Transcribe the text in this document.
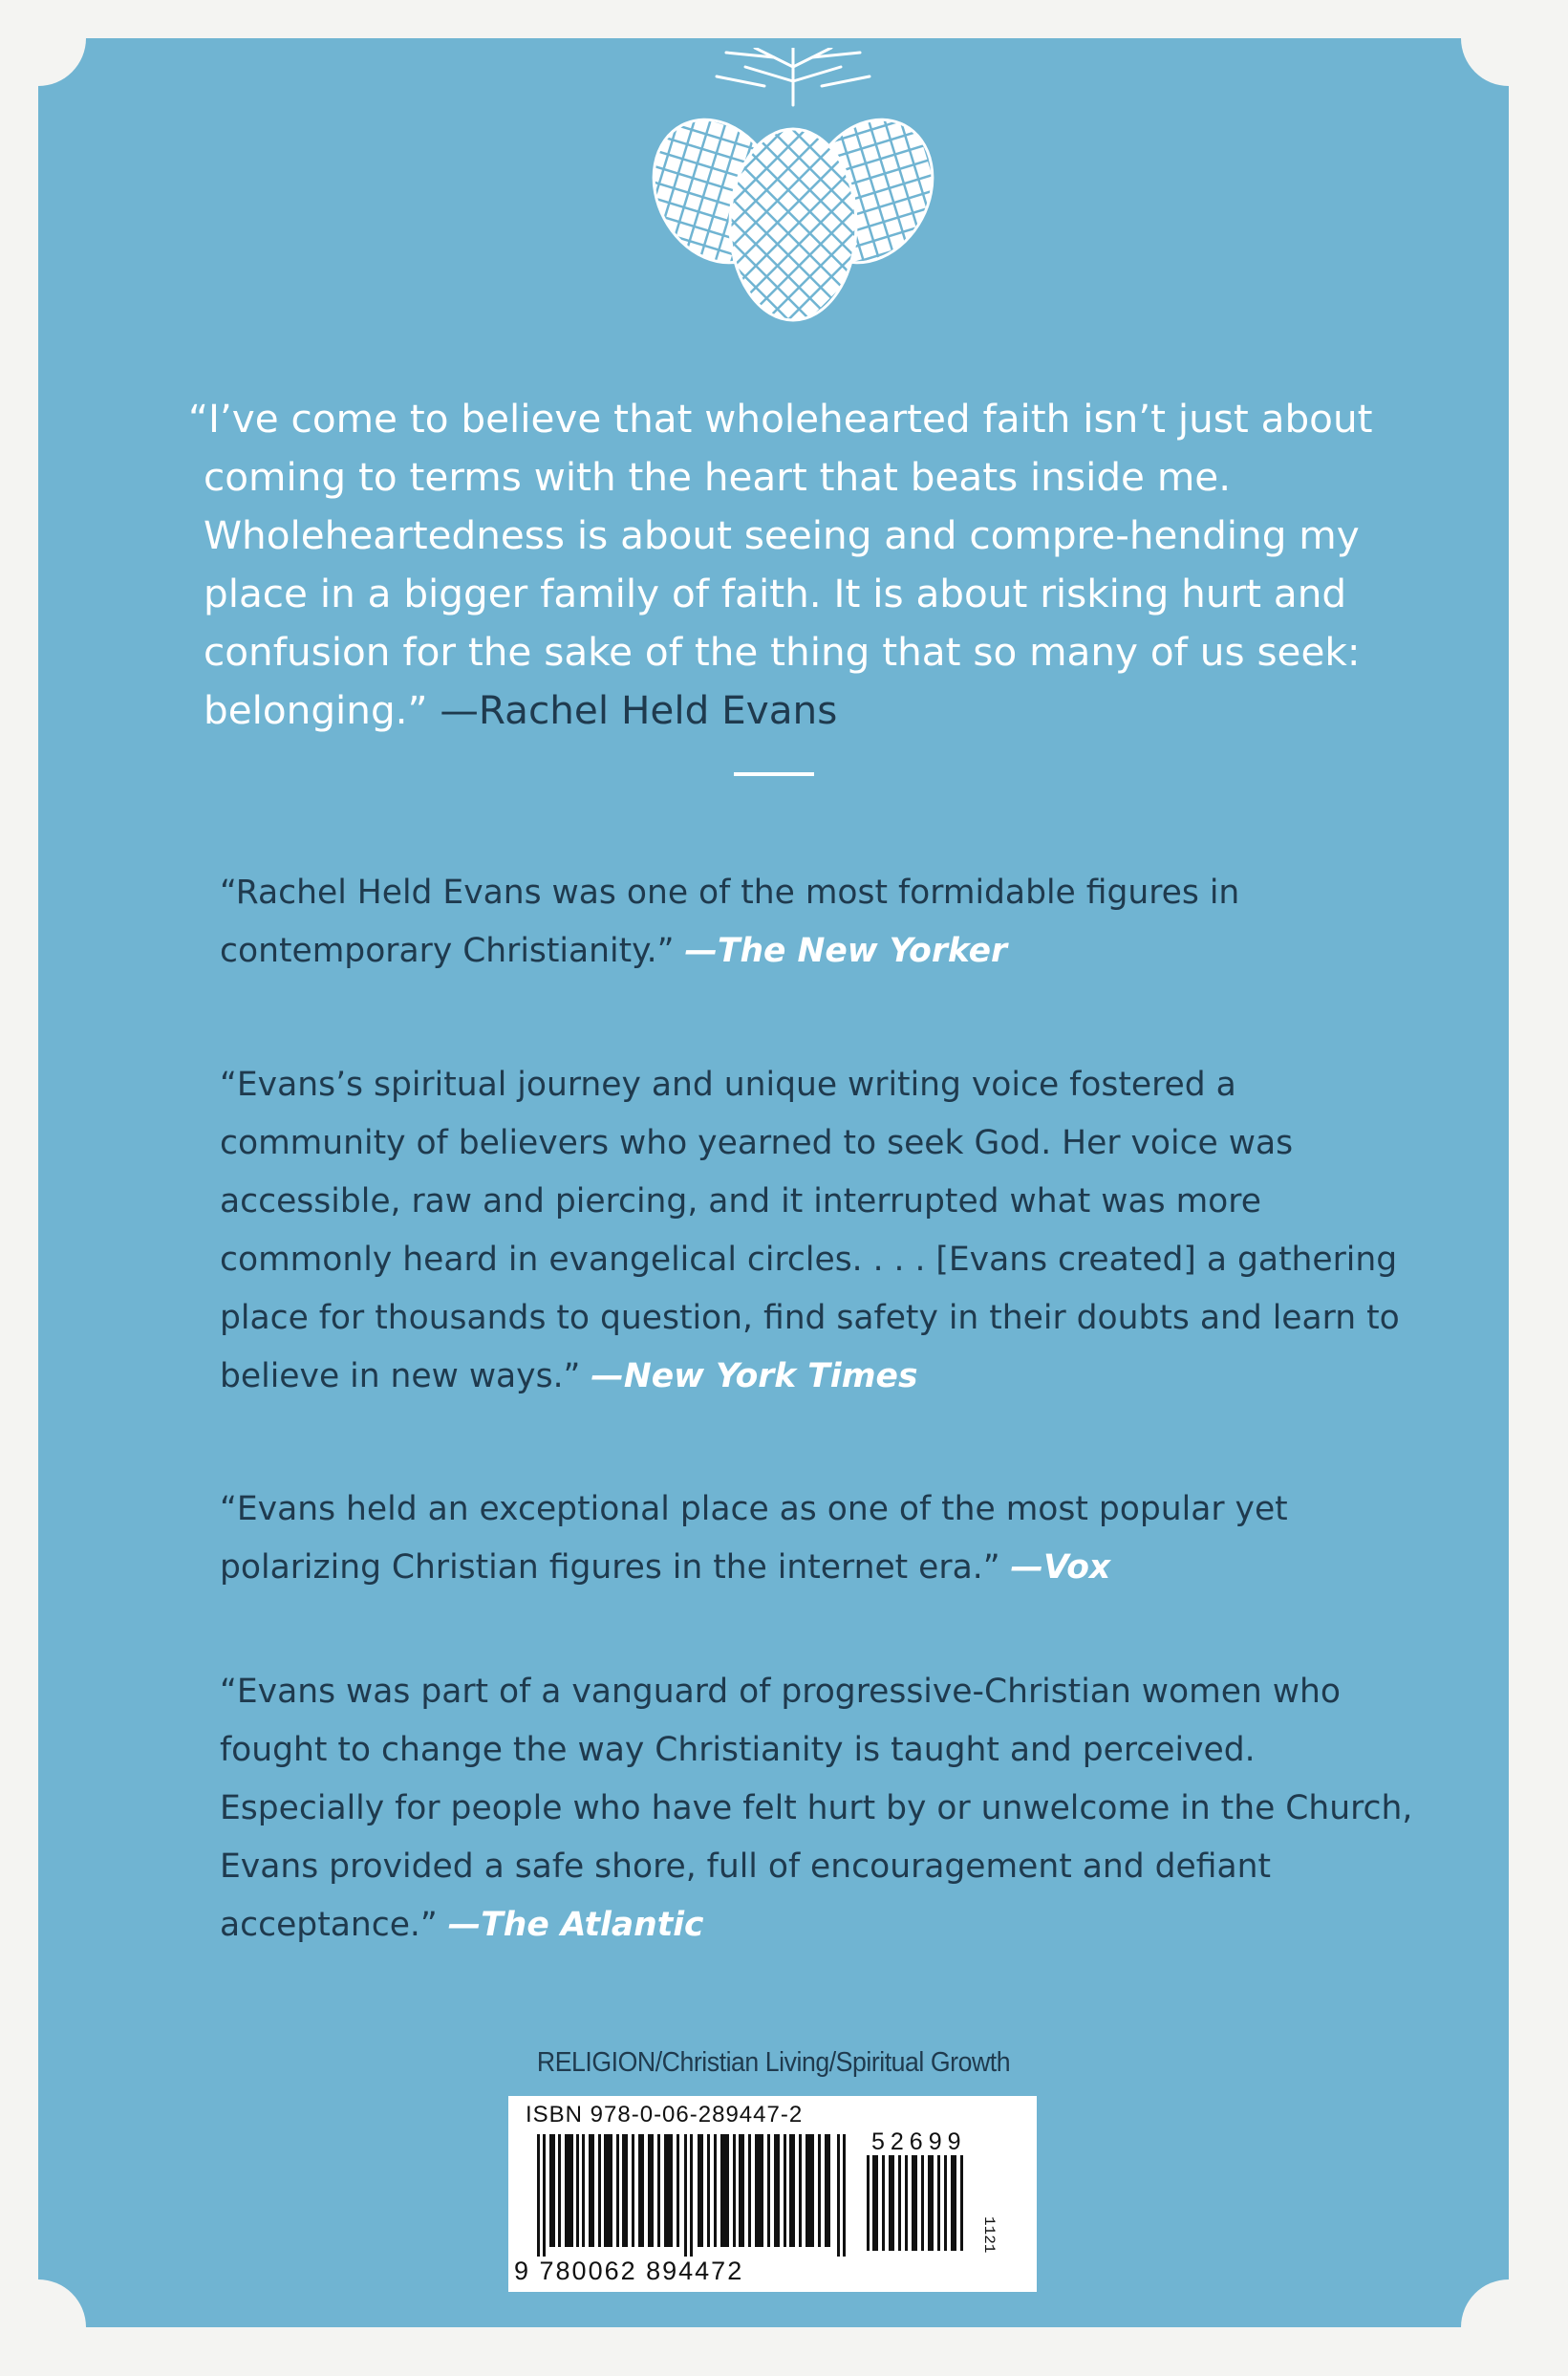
“I’ve come to believe that wholehearted faith isn’t just about coming to terms with the heart that beats inside me. Wholeheartedness is about seeing and compre-hending my place in a bigger family of faith. It is about risking hurt and confusion for the sake of the thing that so many of us seek: belonging.” —Rachel Held Evans
“Rachel Held Evans was one of the most formidable figures in contemporary Christianity.” —The New Yorker
“Evans’s spiritual journey and unique writing voice fostered a community of believers who yearned to seek God. Her voice was accessible, raw and piercing, and it interrupted what was more commonly heard in evangelical circles. . . . [Evans created] a gathering place for thousands to question, find safety in their doubts and learn to believe in new ways.” —New York Times
“Evans held an exceptional place as one of the most popular yet polarizing Christian figures in the internet era.” —Vox
“Evans was part of a vanguard of progressive-Christian women who fought to change the way Christianity is taught and perceived. Especially for people who have felt hurt by or unwelcome in the Church, Evans provided a safe shore, full of encouragement and defiant acceptance.” —The Atlantic
RELIGION/Christian Living/Spiritual Growth
ISBN 978-0-06-289447-2
52699
9 780062 894472
1121
